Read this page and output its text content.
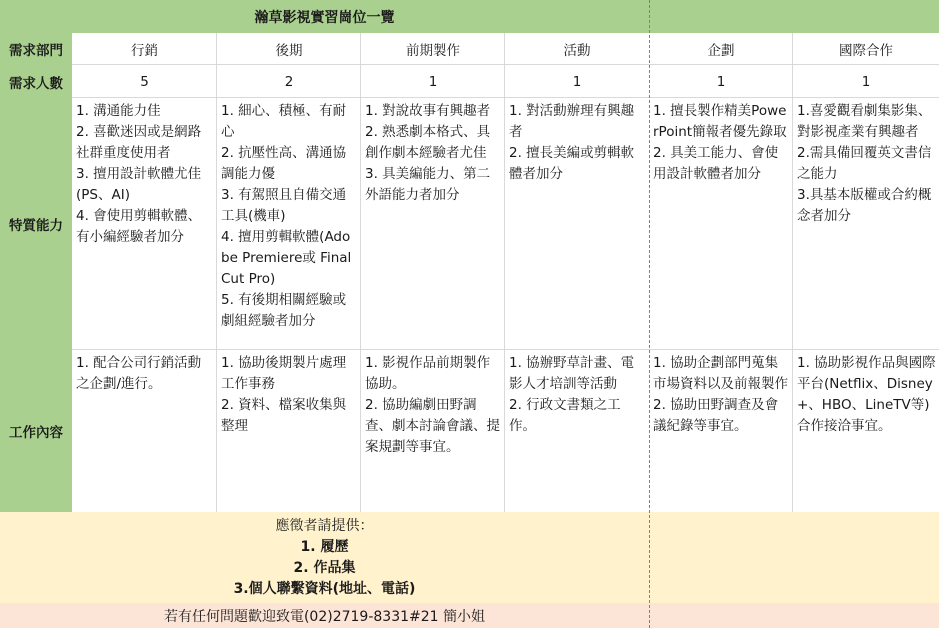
瀚草影視實習崗位一覽
需求部門
需求人數
特質能力
工作內容
行銷
5
1. 溝通能力佳
2. 喜歡迷因或是網路社群重度使用者
3. 擅用設計軟體尤佳(PS、AI)
4. 會使用剪輯軟體、有小編經驗者加分
1. 配合公司行銷活動之企劃/進行。
後期
2
1. 細心、積極、有耐心
2. 抗壓性高、溝通協調能力優
3. 有駕照且自備交通工具(機車)
4. 擅用剪輯軟體(Adobe Premiere或 Final Cut Pro)
5. 有後期相關經驗或劇組經驗者加分
1. 協助後期製片處理工作事務
2. 資料、檔案收集與整理
前期製作
1
1. 對說故事有興趣者
2. 熟悉劇本格式、具創作劇本經驗者尤佳
3. 具美編能力、第二外語能力者加分
1. 影視作品前期製作協助。
2. 協助編劇田野調查、劇本討論會議、提案規劃等事宜。
活動
1
1. 對活動辦理有興趣者
2. 擅長美編或剪輯軟體者加分
1. 協辦野草計畫、電影人才培訓等活動
2. 行政文書類之工作。
企劃
1
1. 擅長製作精美PowerPoint簡報者優先錄取
2. 具美工能力、會使用設計軟體者加分
1. 協助企劃部門蒐集市場資料以及前報製作
2. 協助田野調查及會議紀錄等事宜。
國際合作
1
1.喜愛觀看劇集影集、對影視產業有興趣者
2.需具備回覆英文書信之能力
3.具基本版權或合約概念者加分
1. 協助影視作品與國際平台(Netflix、Disney+、HBO、LineTV等)合作接洽事宜。
應徵者請提供：
1. 履歷
2. 作品集
3.個人聯繫資料(地址、電話)
若有任何問題歡迎致電(02)2719-8331#21 簡小姐
